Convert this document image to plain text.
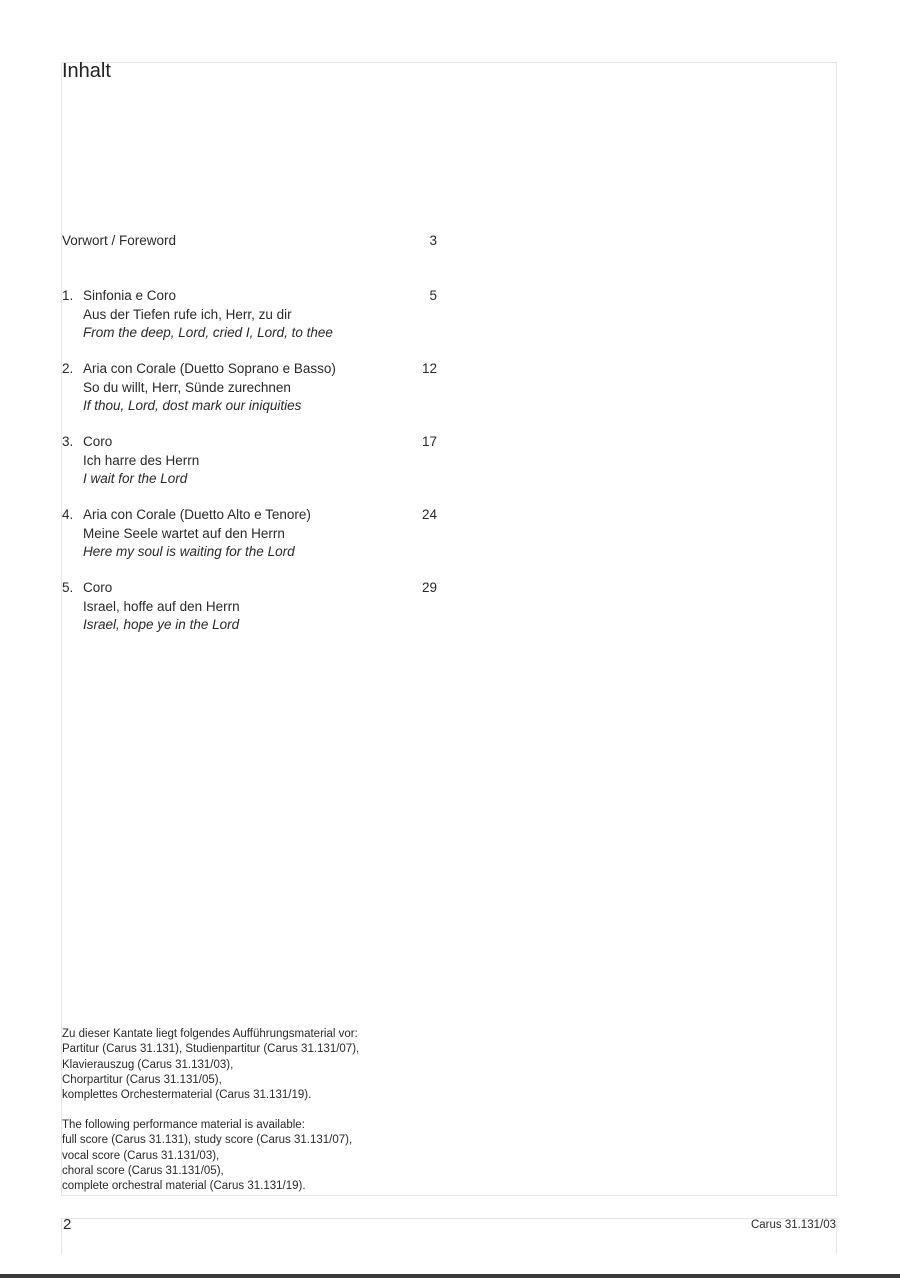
Inhalt
Vorwort / Foreword	3
1. Sinfonia e Coro
Aus der Tiefen rufe ich, Herr, zu dir
From the deep, Lord, cried I, Lord, to thee
5
2. Aria con Corale (Duetto Soprano e Basso)
So du willt, Herr, Sünde zurechnen
If thou, Lord, dost mark our iniquities
12
3. Coro
Ich harre des Herrn
I wait for the Lord
17
4. Aria con Corale (Duetto Alto e Tenore)
Meine Seele wartet auf den Herrn
Here my soul is waiting for the Lord
24
5. Coro
Israel, hoffe auf den Herrn
Israel, hope ye in the Lord
29
Zu dieser Kantate liegt folgendes Aufführungsmaterial vor:
Partitur (Carus 31.131), Studienpartitur (Carus 31.131/07),
Klavierauszug (Carus 31.131/03),
Chorpartitur (Carus 31.131/05),
komplettes Orchestermaterial (Carus 31.131/19).
The following performance material is available:
full score (Carus 31.131), study score (Carus 31.131/07),
vocal score (Carus 31.131/03),
choral score (Carus 31.131/05),
complete orchestral material (Carus 31.131/19).
2	Carus 31.131/03
